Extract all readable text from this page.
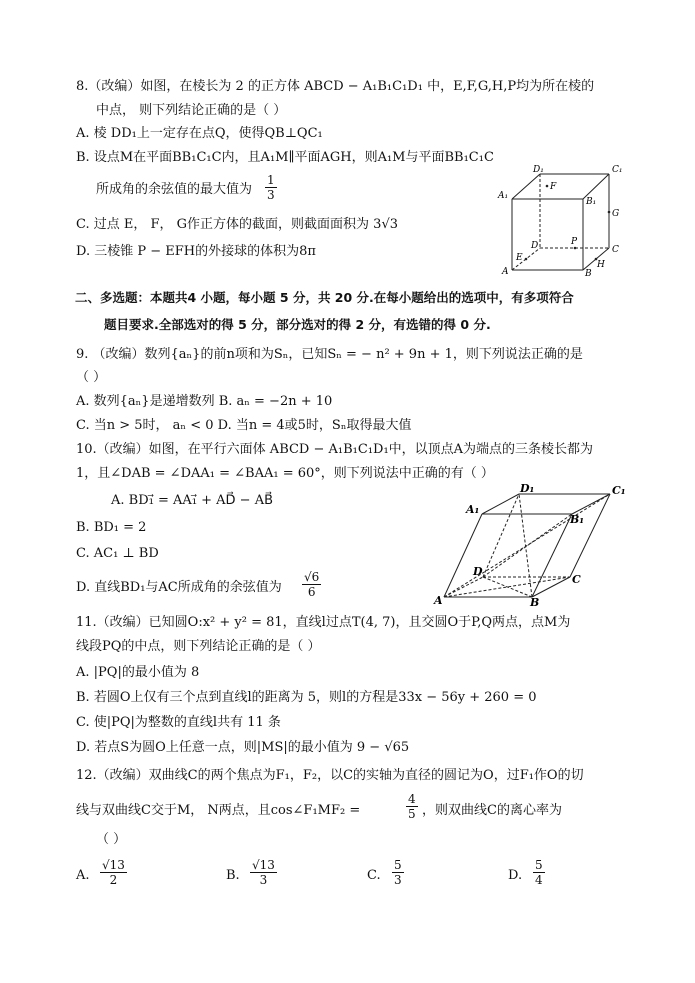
8.（改编）如图，在棱长为 2 的正方体 ABCD − A₁B₁C₁D₁ 中，E,F,G,H,P均为所在棱的
中点， 则下列结论正确的是（ ）
A. 棱 DD₁上一定存在点Q，使得QB⊥QC₁
B. 设点M在平面BB₁C₁C内，且A₁M∥平面AGH，则A₁M与平面BB₁C₁C
所成角的余弦值的最大值为 $\frac{1}{3}$
C. 过点 E， F， G作正方体的截面，则截面面积为 3√3
D. 三棱锥 P − EFH的外接球的体积为8π
D₁
F
C₁
A₁
B₁
G
D	P
C
E
H
A	B
二、多选题：本题共4 小题，每小题 5 分，共 20 分.在每小题给出的选项中，有多项符合
题目要求.全部选对的得 5 分，部分选对的得 2 分，有选错的得 0 分.
9. （改编）数列{aₙ}的前n项和为Sₙ，已知Sₙ = − n² + 9n + 1，则下列说法正确的是
（ ）
A. 数列{aₙ}是递增数列 B. aₙ = −2n + 10
C. 当n > 5时， aₙ < 0 D. 当n = 4或5时，Sₙ取得最大值
10.（改编）如图，在平行六面体 ABCD − A₁B₁C₁D₁中，以顶点A为端点的三条棱长都为
1，且∠DAB = ∠DAA₁ = ∠BAA₁ = 60°，则下列说法中正确的有（ ）
A. BD₁⃗ = AA₁⃗ + AD⃗ − AB⃗
B. BD₁ = 2
C. AC₁ ⊥ BD
D. 直线BD₁与AC所成角的余弦值为 $\frac{√6}{6}$
D₁	C₁
A₁
B₁
D
C
A	B
11.（改编）已知圆O:x² + y² = 81，直线l过点T(4, 7)，且交圆O于P,Q两点，点M为
线段PQ的中点，则下列结论正确的是（ ）
A. |PQ|的最小值为 8
B. 若圆O上仅有三个点到直线l的距离为 5，则l的方程是33x − 56y + 260 = 0
C. 使|PQ|为整数的直线l共有 11 条
D. 若点S为圆O上任意一点，则|MS|的最小值为 9 − √65
12.（改编）双曲线C的两个焦点为F₁，F₂，以C的实轴为直径的圆记为O，过F₁作O的切
线与双曲线C交于M， N两点，且cos∠F₁MF₂ =	$\frac{4}{5}$ ，则双曲线C的离心率为
（ ）
A. $\frac{√13}{2}$	B. $\frac{√13}{3}$	C. $\frac{5}{3}$	D. $\frac{5}{4}$
